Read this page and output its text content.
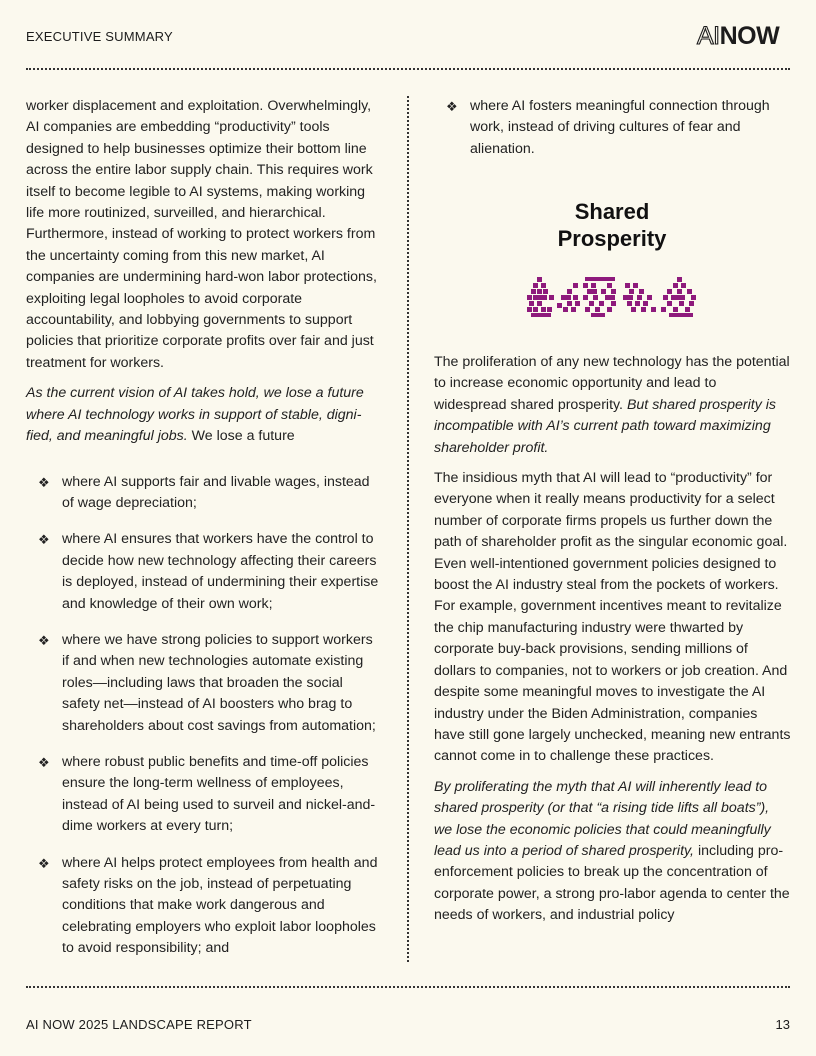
EXECUTIVE SUMMARY	AINOW

worker displacement and exploitation. Overwhelmingly, AI companies are embedding “productivity” tools designed to help businesses optimize their bottom line across the entire labor supply chain. This requires work itself to become legible to AI systems, making working life more routinized, surveilled, and hierarchical. Furthermore, instead of working to protect workers from the uncertainty coming from this new market, AI companies are undermining hard-won labor protections, exploiting legal loopholes to avoid corporate accountability, and lobbying governments to support policies that prioritize corporate profits over fair and just treatment for workers.

As the current vision of AI takes hold, we lose a future where AI technology works in support of stable, dignified, and meaningful jobs. We lose a future

❖ where AI supports fair and livable wages, instead of wage depreciation;
❖ where AI ensures that workers have the control to decide how new technology affecting their careers is deployed, instead of undermining their expertise and knowledge of their own work;
❖ where we have strong policies to support workers if and when new technologies automate existing roles—including laws that broaden the social safety net—instead of AI boosters who brag to shareholders about cost savings from automation;
❖ where robust public benefits and time-off policies ensure the long-term wellness of employees, instead of AI being used to surveil and nickel-and-dime workers at every turn;
❖ where AI helps protect employees from health and safety risks on the job, instead of perpetuating conditions that make work dangerous and celebrating employers who exploit labor loopholes to avoid responsibility; and
❖ where AI fosters meaningful connection through work, instead of driving cultures of fear and alienation.
Shared
Prosperity

The proliferation of any new technology has the potential to increase economic opportunity and lead to widespread shared prosperity. But shared prosperity is incompatible with AI’s current path toward maximizing shareholder profit.

The insidious myth that AI will lead to “productivity” for everyone when it really means productivity for a select number of corporate firms propels us further down the path of shareholder profit as the singular economic goal. Even well-intentioned government policies designed to boost the AI industry steal from the pockets of workers. For example, government incentives meant to revitalize the chip manufacturing industry were thwarted by corporate buy-back provisions, sending millions of dollars to companies, not to workers or job creation. And despite some meaningful moves to investigate the AI industry under the Biden Administration, companies have still gone largely unchecked, meaning new entrants cannot come in to challenge these practices.

By proliferating the myth that AI will inherently lead to shared prosperity (or that “a rising tide lifts all boats”), we lose the economic policies that could meaningfully lead us into a period of shared prosperity, including pro-enforcement policies to break up the concentration of corporate power, a strong pro-labor agenda to center the needs of workers, and industrial policy

AI NOW 2025 LANDSCAPE REPORT	13
